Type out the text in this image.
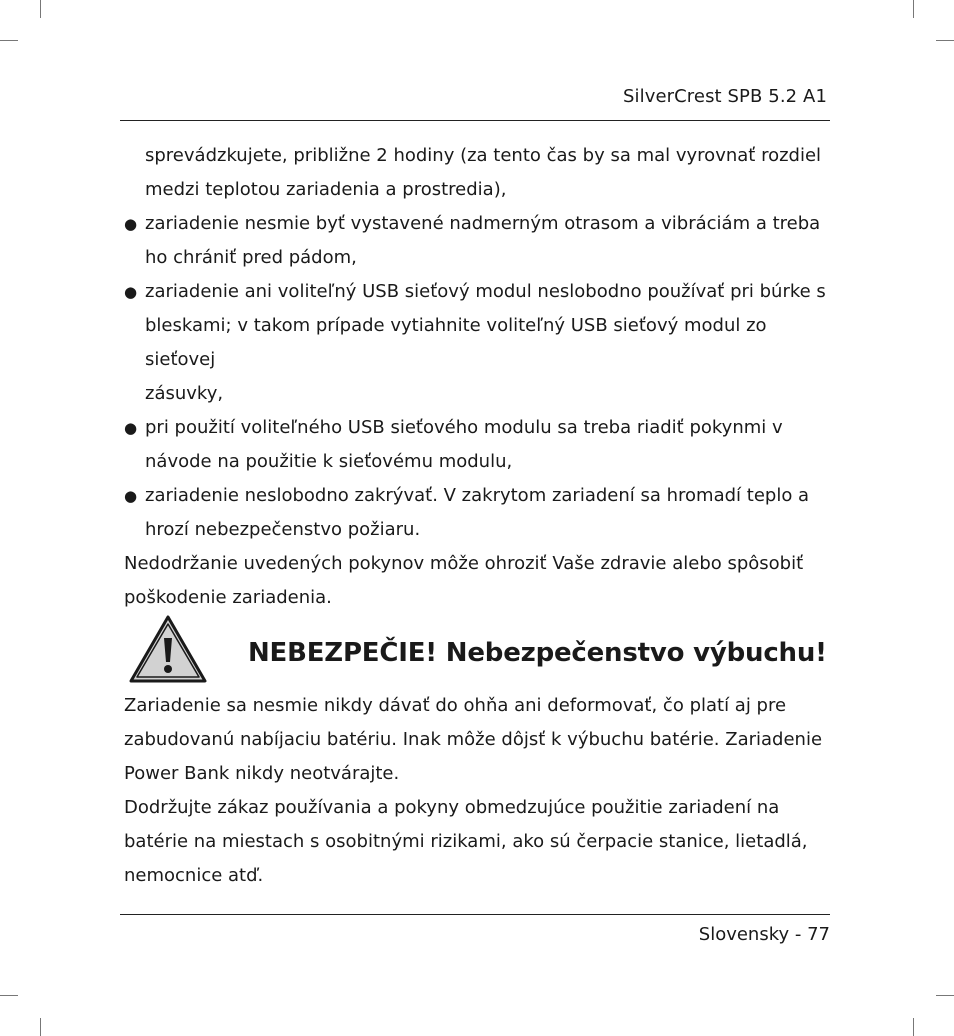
SilverCrest SPB 5.2 A1
sprevádzkujete, približne 2 hodiny (za tento čas by sa mal vyrovnať rozdiel
medzi teplotou zariadenia a prostredia),
● zariadenie nesmie byť vystavené nadmerným otrasom a vibráciám a treba
ho chrániť pred pádom,
● zariadenie ani voliteľný USB sieťový modul neslobodno používať pri búrke s
bleskami; v takom prípade vytiahnite voliteľný USB sieťový modul zo sieťovej
zásuvky,
● pri použití voliteľného USB sieťového modulu sa treba riadiť pokynmi v
návode na použitie k sieťovému modulu,
● zariadenie neslobodno zakrývať. V zakrytom zariadení sa hromadí teplo a
hrozí nebezpečenstvo požiaru.
Nedodržanie uvedených pokynov môže ohroziť Vaše zdravie alebo spôsobiť
poškodenie zariadenia.
NEBEZPEČIE! Nebezpečenstvo výbuchu!
Zariadenie sa nesmie nikdy dávať do ohňa ani deformovať, čo platí aj pre
zabudovanú nabíjaciu batériu. Inak môže dôjsť k výbuchu batérie. Zariadenie
Power Bank nikdy neotvárajte.
Dodržujte zákaz používania a pokyny obmedzujúce použitie zariadení na
batérie na miestach s osobitnými rizikami, ako sú čerpacie stanice, lietadlá,
nemocnice atď.
Slovensky - 77
